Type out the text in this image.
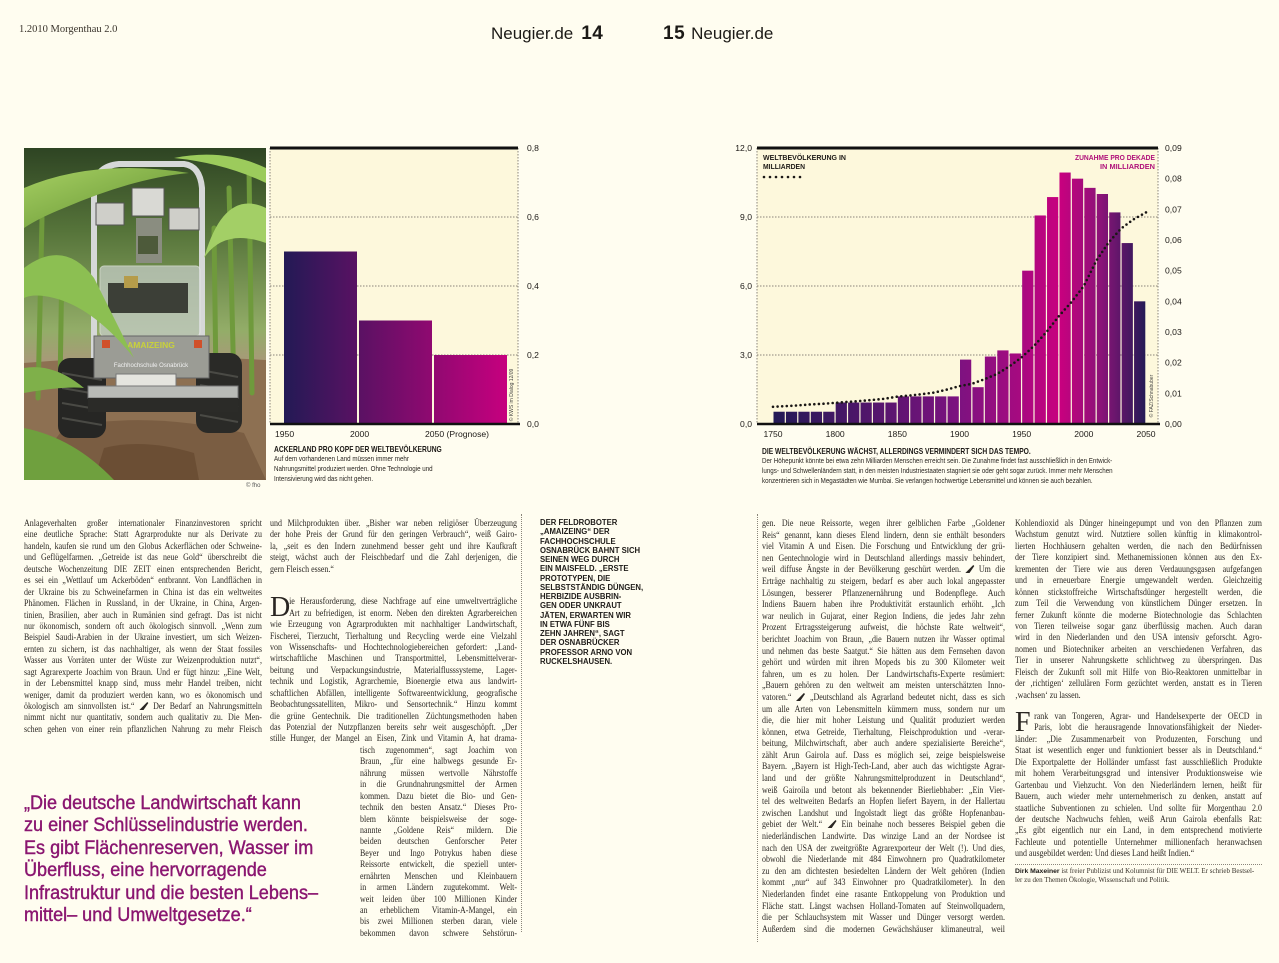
1.2010 Morgenthau 2.0	Neugier.de 14	15 Neugier.de
AMAIZEING
Fachhochschule Osnabrück
© fho
0,0
0,2
0,4
0,6
0,8
1950	2000	2050 (Prognose)
© KWS im Dialog 12/09
ACKERLAND PRO KOPF DER WELTBEVÖLKERUNG
Auf dem vorhandenen Land müssen immer mehr
Nahrungsmittel produziert werden. Ohne Technologie und
Intensivierung wird das nicht gehen.
0,0
3,0
6,0
9,0
12,0
0,00
0,01
0,02
0,03
0,04
0,05
0,06
0,07
0,08
0,09
1750	1800	1850	1900	1950	2000	2050
WELTBEVÖLKERUNG IN
MILLIARDEN
ZUNAHME PRO DEKADE
IN MILLIARDEN
© FAZ/Schnabuber
DIE WELTBEVÖLKERUNG WÄCHST, ALLERDINGS VERMINDERT SICH DAS TEMPO.
Der Höhepunkt könnte bei etwa zehn Milliarden Menschen erreicht sein. Die Zunahme findet fast ausschließlich in den Entwick-
lungs- und Schwellenländern statt, in den meisten Industriestaaten stagniert sie oder geht sogar zurück. Immer mehr Menschen
konzentrieren sich in Megastädten wie Mumbai. Sie verlangen hochwertige Lebensmittel und können sie auch bezahlen.
Anlageverhalten großer internationaler Finanzinvestoren spricht
eine deutliche Sprache: Statt Agrarprodukte nur als Derivate zu
handeln, kaufen sie rund um den Globus Ackerflächen oder Schweine-
und Geflügelfarmen. „Getreide ist das neue Gold“ überschreibt die
deutsche Wochenzeitung DIE ZEIT einen entsprechenden Bericht,
es sei ein „Wettlauf um Ackerböden“ entbrannt. Von Landflächen in
der Ukraine bis zu Schweinefarmen in China ist das ein weltweites
Phänomen. Flächen in Russland, in der Ukraine, in China, Argen-
tinien, Brasilien, aber auch in Rumänien sind gefragt. Das ist nicht
nur ökonomisch, sondern oft auch ökologisch sinnvoll. „Wenn zum
Beispiel Saudi-Arabien in der Ukraine investiert, um sich Weizen-
ernten zu sichern, ist das nachhaltiger, als wenn der Staat fossiles
Wasser aus Vorräten unter der Wüste zur Weizenproduktion nutzt“,
sagt Agrarexperte Joachim von Braun. Und er fügt hinzu: „Eine Welt,
in der Lebensmittel knapp sind, muss mehr Handel treiben, nicht
weniger, damit da produziert werden kann, wo es ökonomisch und
ökologisch am sinnvollsten ist.“ Der Bedarf an Nahrungsmitteln
nimmt nicht nur quantitativ, sondern auch qualitativ zu. Die Men-
schen gehen von einer rein pflanzlichen Nahrung zu mehr Fleisch
und Milchprodukten über. „Bisher war neben religiöser Überzeugung
der hohe Preis der Grund für den geringen Verbrauch“, weiß Gairo-
la, „seit es den Indern zunehmend besser geht und ihre Kaufkraft
steigt, wächst auch der Fleischbedarf und die Zahl derjenigen, die
gern Fleisch essen.“
D
ie Herausforderung, diese Nachfrage auf eine umweltverträgliche
Art zu befriedigen, ist enorm. Neben den direkten Agrarbereichen
wie Erzeugung von Agrarprodukten mit nachhaltiger Landwirtschaft,
Fischerei, Tierzucht, Tierhaltung und Recycling werde eine Vielzahl
von Wissenschafts- und Hochtechnologiebereichen gefordert: „Land-
wirtschaftliche Maschinen und Transportmittel, Lebensmittelverar-
beitung und Verpackungsindustrie, Materialflusssysteme, Lager-
technik und Logistik, Agrarchemie, Bioenergie etwa aus landwirt-
schaftlichen Abfällen, intelligente Softwareentwicklung, geografische
Beobachtungssatelliten, Mikro- und Sensortechnik.“ Hinzu kommt
die grüne Gentechnik. Die traditionellen Züchtungsmethoden haben
das Potenzial der Nutzpflanzen bereits sehr weit ausgeschöpft. „Der
stille Hunger, der Mangel an Eisen, Zink und Vitamin A, hat drama-
tisch zugenommen“, sagt Joachim von
Braun, „für eine halbwegs gesunde Er-
nährung müssen wertvolle Nährstoffe
in die Grundnahrungsmittel der Armen
kommen. Dazu bietet die Bio- und Gen-
technik den besten Ansatz.“ Dieses Pro-
blem könnte beispielsweise der soge-
nannte „Goldene Reis“ mildern. Die
beiden deutschen Genforscher Peter
Beyer und Ingo Potrykus haben diese
Reissorte entwickelt, die speziell unter-
ernährten Menschen und Kleinbauern
in armen Ländern zugutekommt. Welt-
weit leiden über 100 Millionen Kinder
an erheblichem Vitamin-A-Mangel, ein
bis zwei Millionen sterben daran, viele
bekommen davon schwere Sehstörun-
DER FELDROBOTER
„AMAIZEING“ DER
FACHHOCHSCHULE
OSNABRÜCK BAHNT SICH
SEINEN WEG DURCH
EIN MAISFELD. „ERSTE
PROTOTYPEN, DIE
SELBSTSTÄNDIG DÜNGEN,
HERBIZIDE AUSBRIN-
GEN ODER UNKRAUT
JÄTEN, ERWARTEN WIR
IN ETWA FÜNF BIS
ZEHN JAHREN“, SAGT
DER OSNABRÜCKER
PROFESSOR ARNO VON
RUCKELSHAUSEN.
„Die deutsche Landwirtschaft kann
zu einer Schlüsselindustrie werden.
Es gibt Flächenreserven, Wasser im
Überfluss, eine hervorragende
Infrastruktur und die besten Lebens–
mittel– und Umweltgesetze.“
gen. Die neue Reissorte, wegen ihrer gelblichen Farbe „Goldener
Reis“ genannt, kann dieses Elend lindern, denn sie enthält besonders
viel Vitamin A und Eisen. Die Forschung und Entwicklung der grü-
nen Gentechnologie wird in Deutschland allerdings massiv behindert,
weil diffuse Ängste in der Bevölkerung geschürt werden. Um die
Erträge nachhaltig zu steigern, bedarf es aber auch lokal angepasster
Lösungen, besserer Pflanzenernährung und Bodenpflege. Auch
Indiens Bauern haben ihre Produktivität erstaunlich erhöht. „Ich
war neulich in Gujarat, einer Region Indiens, die jedes Jahr zehn
Prozent Ertragssteigerung aufweist, die höchste Rate weltweit“,
berichtet Joachim von Braun, „die Bauern nutzen ihr Wasser optimal
und nehmen das beste Saatgut.“ Sie hätten aus dem Fernsehen davon
gehört und würden mit ihren Mopeds bis zu 300 Kilometer weit
fahren, um es zu holen. Der Landwirtschafts-Experte resümiert:
„Bauern gehören zu den weltweit am meisten unterschätzten Inno-
vatoren.“ „Deutschland als Agrarland bedeutet nicht, dass es sich
um alle Arten von Lebensmitteln kümmern muss, sondern nur um
die, die hier mit hoher Leistung und Qualität produziert werden
können, etwa Getreide, Tierhaltung, Fleischproduktion und -verar-
beitung, Milchwirtschaft, aber auch andere spezialisierte Bereiche“,
zählt Arun Gairola auf. Dass es möglich sei, zeige beispielsweise
Bayern. „Bayern ist High-Tech-Land, aber auch das wichtigste Agrar-
land und der größte Nahrungsmittelproduzent in Deutschland“,
weiß Gairoila und betont als bekennender Bierliebhaber: „Ein Vier-
tel des weltweiten Bedarfs an Hopfen liefert Bayern, in der Hallertau
zwischen Landshut und Ingolstadt liegt das größte Hopfenanbau-
gebiet der Welt.“ Ein beinahe noch besseres Beispiel geben die
niederländischen Landwirte. Das winzige Land an der Nordsee ist
nach den USA der zweitgrößte Agrarexporteur der Welt (!). Und dies,
obwohl die Niederlande mit 484 Einwohnern pro Quadratkilometer
zu den am dichtesten besiedelten Ländern der Welt gehören (Indien
kommt „nur“ auf 343 Einwohner pro Quadratkilometer). In den
Niederlanden findet eine rasante Entkoppelung von Produktion und
Fläche statt. Längst wachsen Holland-Tomaten auf Steinwollquadern,
die per Schlauchsystem mit Wasser und Dünger versorgt werden.
Außerdem sind die modernen Gewächshäuser klimaneutral, weil
Kohlendioxid als Dünger hineingepumpt und von den Pflanzen zum
Wachstum genutzt wird. Nutztiere sollen künftig in klimakontrol-
lierten Hochhäusern gehalten werden, die nach den Bedürfnissen
der Tiere konzipiert sind. Methanemissionen können aus den Ex-
krementen der Tiere wie aus deren Verdauungsgasen aufgefangen
und in erneuerbare Energie umgewandelt werden. Gleichzeitig
können stickstoffreiche Wirtschaftsdünger hergestellt werden, die
zum Teil die Verwendung von künstlichem Dünger ersetzen. In
ferner Zukunft könnte die moderne Biotechnologie das Schlachten
von Tieren teilweise sogar ganz überflüssig machen. Auch daran
wird in den Niederlanden und den USA intensiv geforscht. Agro-
nomen und Biotechniker arbeiten an verschiedenen Verfahren, das
Tier in unserer Nahrungskette schlichtweg zu überspringen. Das
Fleisch der Zukunft soll mit Hilfe von Bio-Reaktoren unmittelbar in
der ‚richtigen‘ zellulären Form gezüchtet werden, anstatt es in Tieren
‚wachsen‘ zu lassen.
F rank van Tongeren, Agrar- und Handelsexperte der OECD in
Paris, lobt die herausragende Innovationsfähigkeit der Nieder-
länder: „Die Zusammenarbeit von Produzenten, Forschung und
Staat ist wesentlich enger und funktioniert besser als in Deutschland.“
Die Exportpalette der Holländer umfasst fast ausschließlich Produkte
mit hohem Verarbeitungsgrad und intensiver Produktionsweise wie
Gartenbau und Viehzucht. Von den Niederländern lernen, heißt für
Bauern, auch wieder mehr unternehmerisch zu denken, anstatt auf
staatliche Subventionen zu schielen. Und sollte für Morgenthau 2.0
der deutsche Nachwuchs fehlen, weiß Arun Gairola ebenfalls Rat:
„Es gibt eigentlich nur ein Land, in dem entsprechend motivierte
Fachleute und potentielle Unternehmer millionenfach heranwachsen
und ausgebildet werden: Und dieses Land heißt Indien.“
Dirk Maxeiner ist freier Publizist und Kolumnist für DIE WELT. Er schrieb Bestsel-
ler zu den Themen Ökologie, Wissenschaft und Politik.
